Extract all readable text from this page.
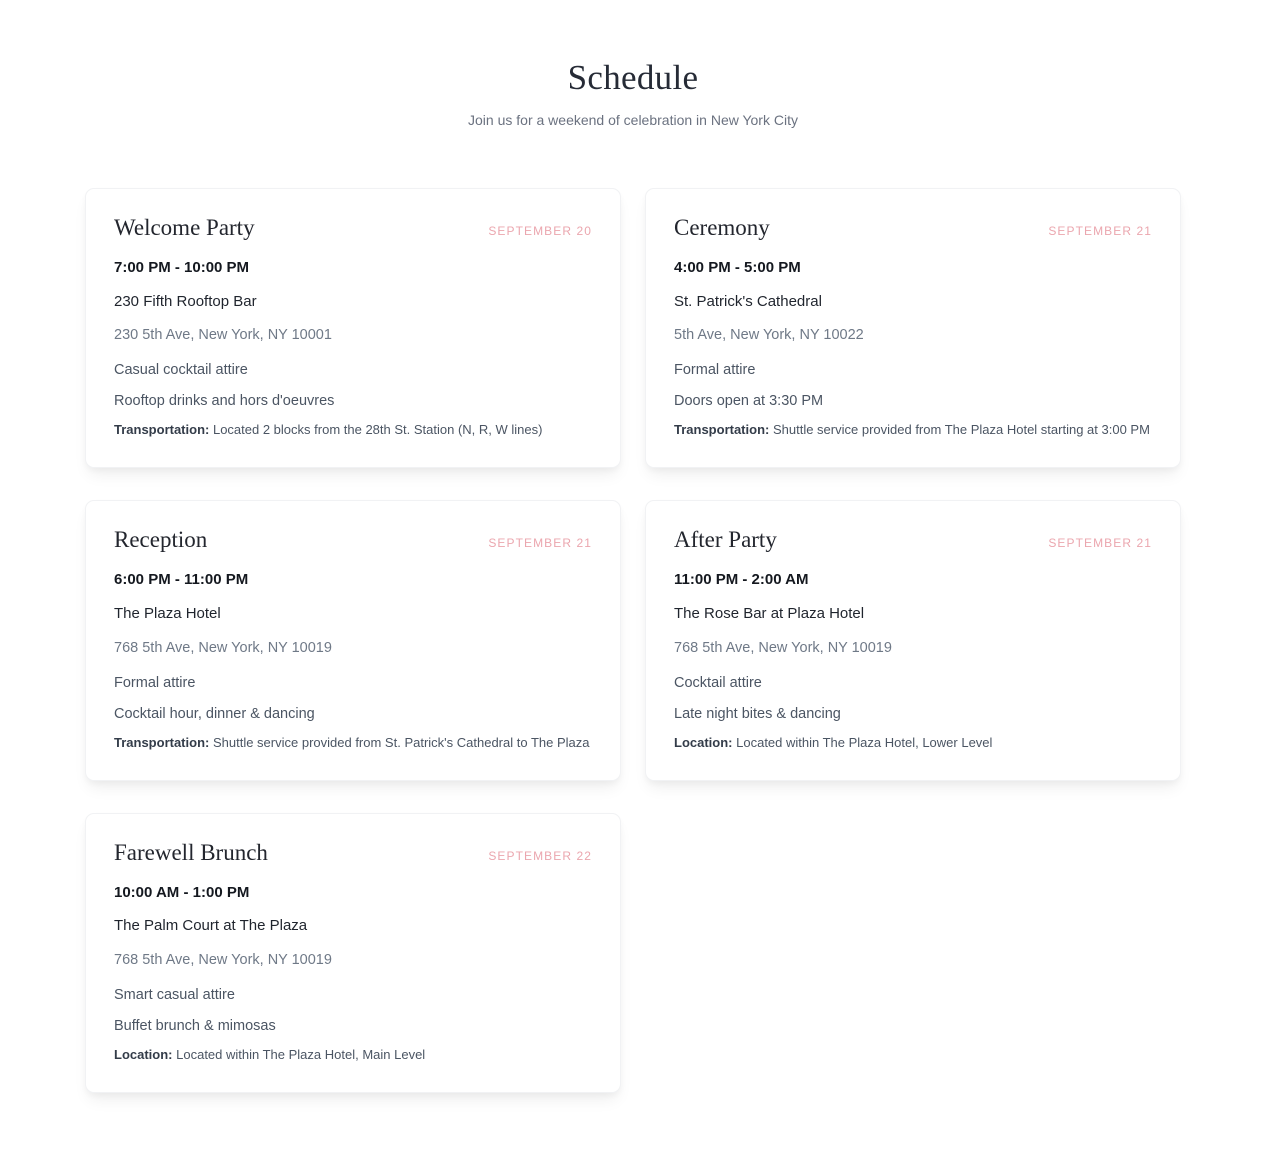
Schedule

Join us for a weekend of celebration in New York City

Welcome Party	SEPTEMBER 20

7:00 PM - 10:00 PM

230 Fifth Rooftop Bar

230 5th Ave, New York, NY 10001

Casual cocktail attire

Rooftop drinks and hors d'oeuvres

Transportation: Located 2 blocks from the 28th St. Station (N, R, W lines)

Ceremony	SEPTEMBER 21

4:00 PM - 5:00 PM

St. Patrick's Cathedral

5th Ave, New York, NY 10022

Formal attire

Doors open at 3:30 PM

Transportation: Shuttle service provided from The Plaza Hotel starting at 3:00 PM

Reception	SEPTEMBER 21

6:00 PM - 11:00 PM

The Plaza Hotel

768 5th Ave, New York, NY 10019

Formal attire

Cocktail hour, dinner & dancing

Transportation: Shuttle service provided from St. Patrick's Cathedral to The Plaza

After Party	SEPTEMBER 21

11:00 PM - 2:00 AM

The Rose Bar at Plaza Hotel

768 5th Ave, New York, NY 10019

Cocktail attire

Late night bites & dancing

Location: Located within The Plaza Hotel, Lower Level

Farewell Brunch	SEPTEMBER 22

10:00 AM - 1:00 PM

The Palm Court at The Plaza

768 5th Ave, New York, NY 10019

Smart casual attire

Buffet brunch & mimosas

Location: Located within The Plaza Hotel, Main Level
